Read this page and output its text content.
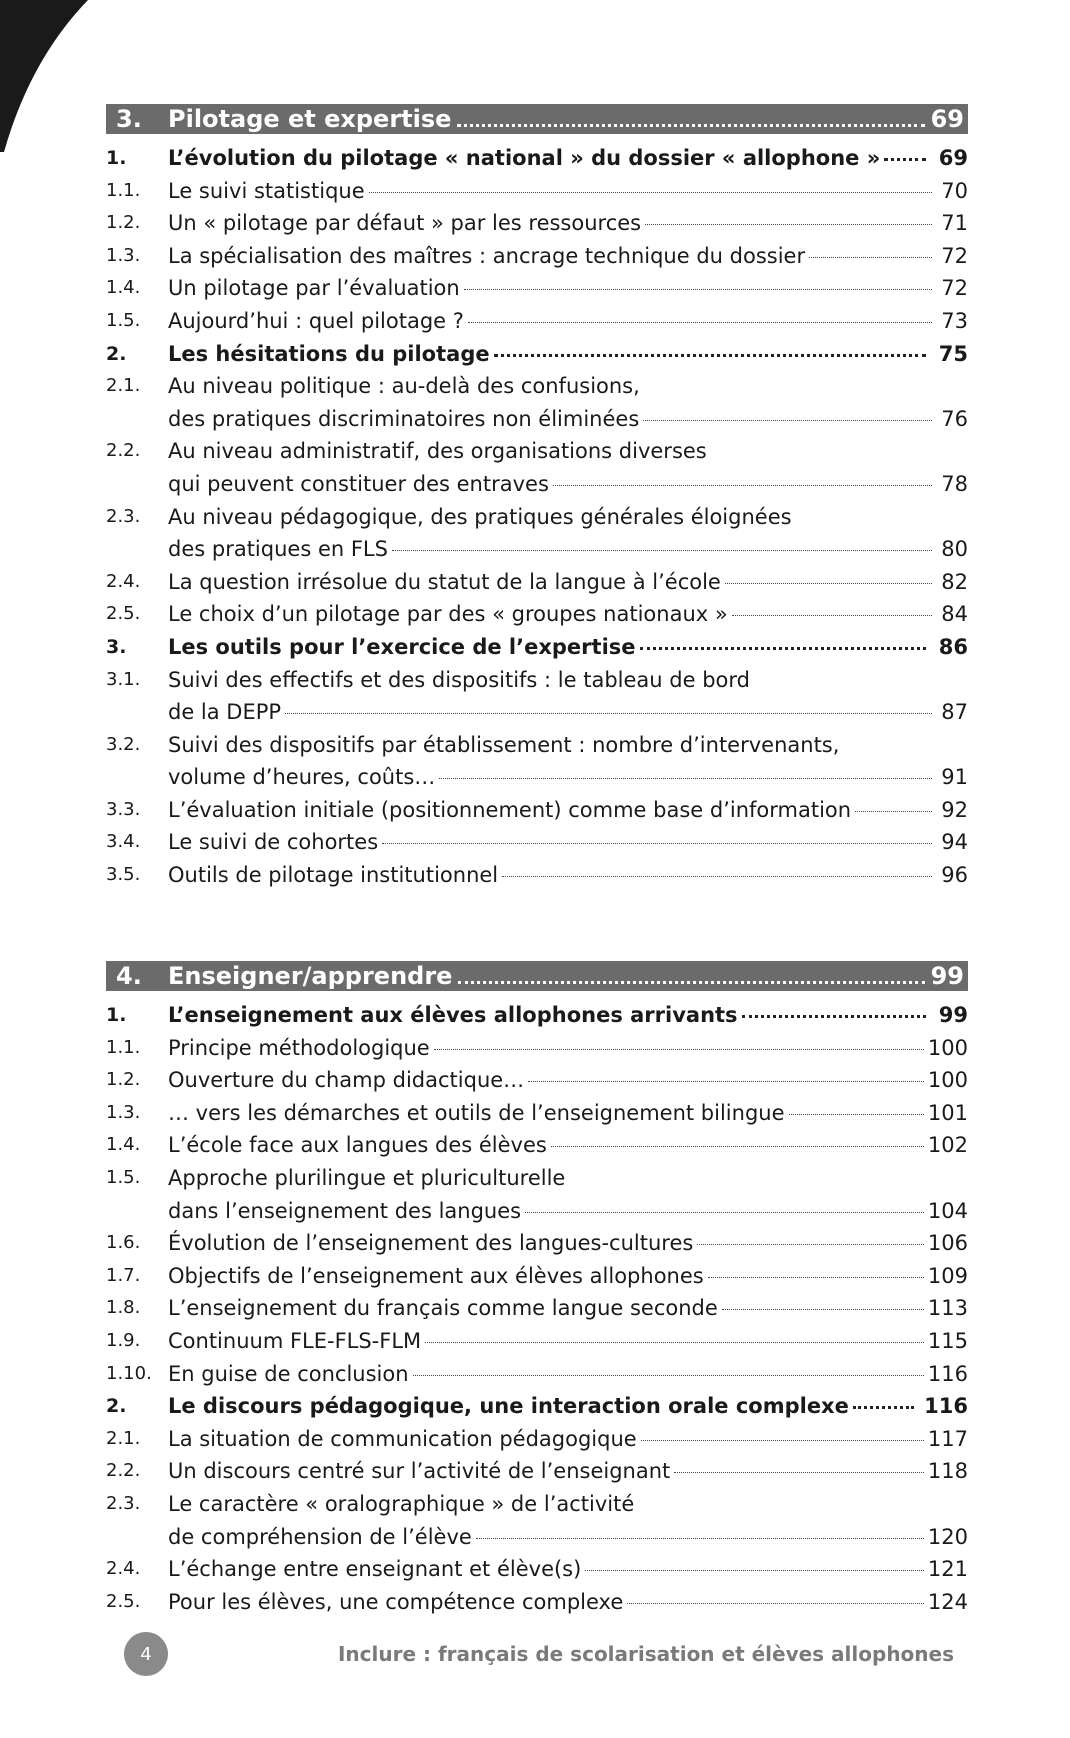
3.	Pilotage et expertise	69
1.	L’évolution du pilotage « national » du dossier « allophone »	69
1.1.	Le suivi statistique	70
1.2.	Un « pilotage par défaut » par les ressources	71
1.3.	La spécialisation des maîtres : ancrage technique du dossier	72
1.4.	Un pilotage par l’évaluation	72
1.5.	Aujourd’hui : quel pilotage ?	73
2.	Les hésitations du pilotage	75
2.1.	Au niveau politique : au-delà des confusions,
des pratiques discriminatoires non éliminées	76
2.2.	Au niveau administratif, des organisations diverses
qui peuvent constituer des entraves	78
2.3.	Au niveau pédagogique, des pratiques générales éloignées
des pratiques en FLS	80
2.4.	La question irrésolue du statut de la langue à l’école	82
2.5.	Le choix d’un pilotage par des « groupes nationaux »	84
3.	Les outils pour l’exercice de l’expertise	86
3.1.	Suivi des effectifs et des dispositifs : le tableau de bord
de la DEPP	87
3.2.	Suivi des dispositifs par établissement : nombre d’intervenants,
volume d’heures, coûts…	91
3.3.	L’évaluation initiale (positionnement) comme base d’information	92
3.4.	Le suivi de cohortes	94
3.5.	Outils de pilotage institutionnel	96
4.	Enseigner/apprendre	99
1.	L’enseignement aux élèves allophones arrivants	99
1.1.	Principe méthodologique	100
1.2.	Ouverture du champ didactique…	100
1.3.	… vers les démarches et outils de l’enseignement bilingue	101
1.4.	L’école face aux langues des élèves	102
1.5.	Approche plurilingue et pluriculturelle
dans l’enseignement des langues	104
1.6.	Évolution de l’enseignement des langues-cultures	106
1.7.	Objectifs de l’enseignement aux élèves allophones	109
1.8.	L’enseignement du français comme langue seconde	113
1.9.	Continuum FLE-FLS-FLM	115
1.10. En guise de conclusion	116
2.	Le discours pédagogique, une interaction orale complexe	116
2.1.	La situation de communication pédagogique	117
2.2.	Un discours centré sur l’activité de l’enseignant	118
2.3.	Le caractère « oralographique » de l’activité
de compréhension de l’élève	120
2.4.	L’échange entre enseignant et élève(s)	121
2.5.	Pour les élèves, une compétence complexe	124
4	Inclure : français de scolarisation et élèves allophones
